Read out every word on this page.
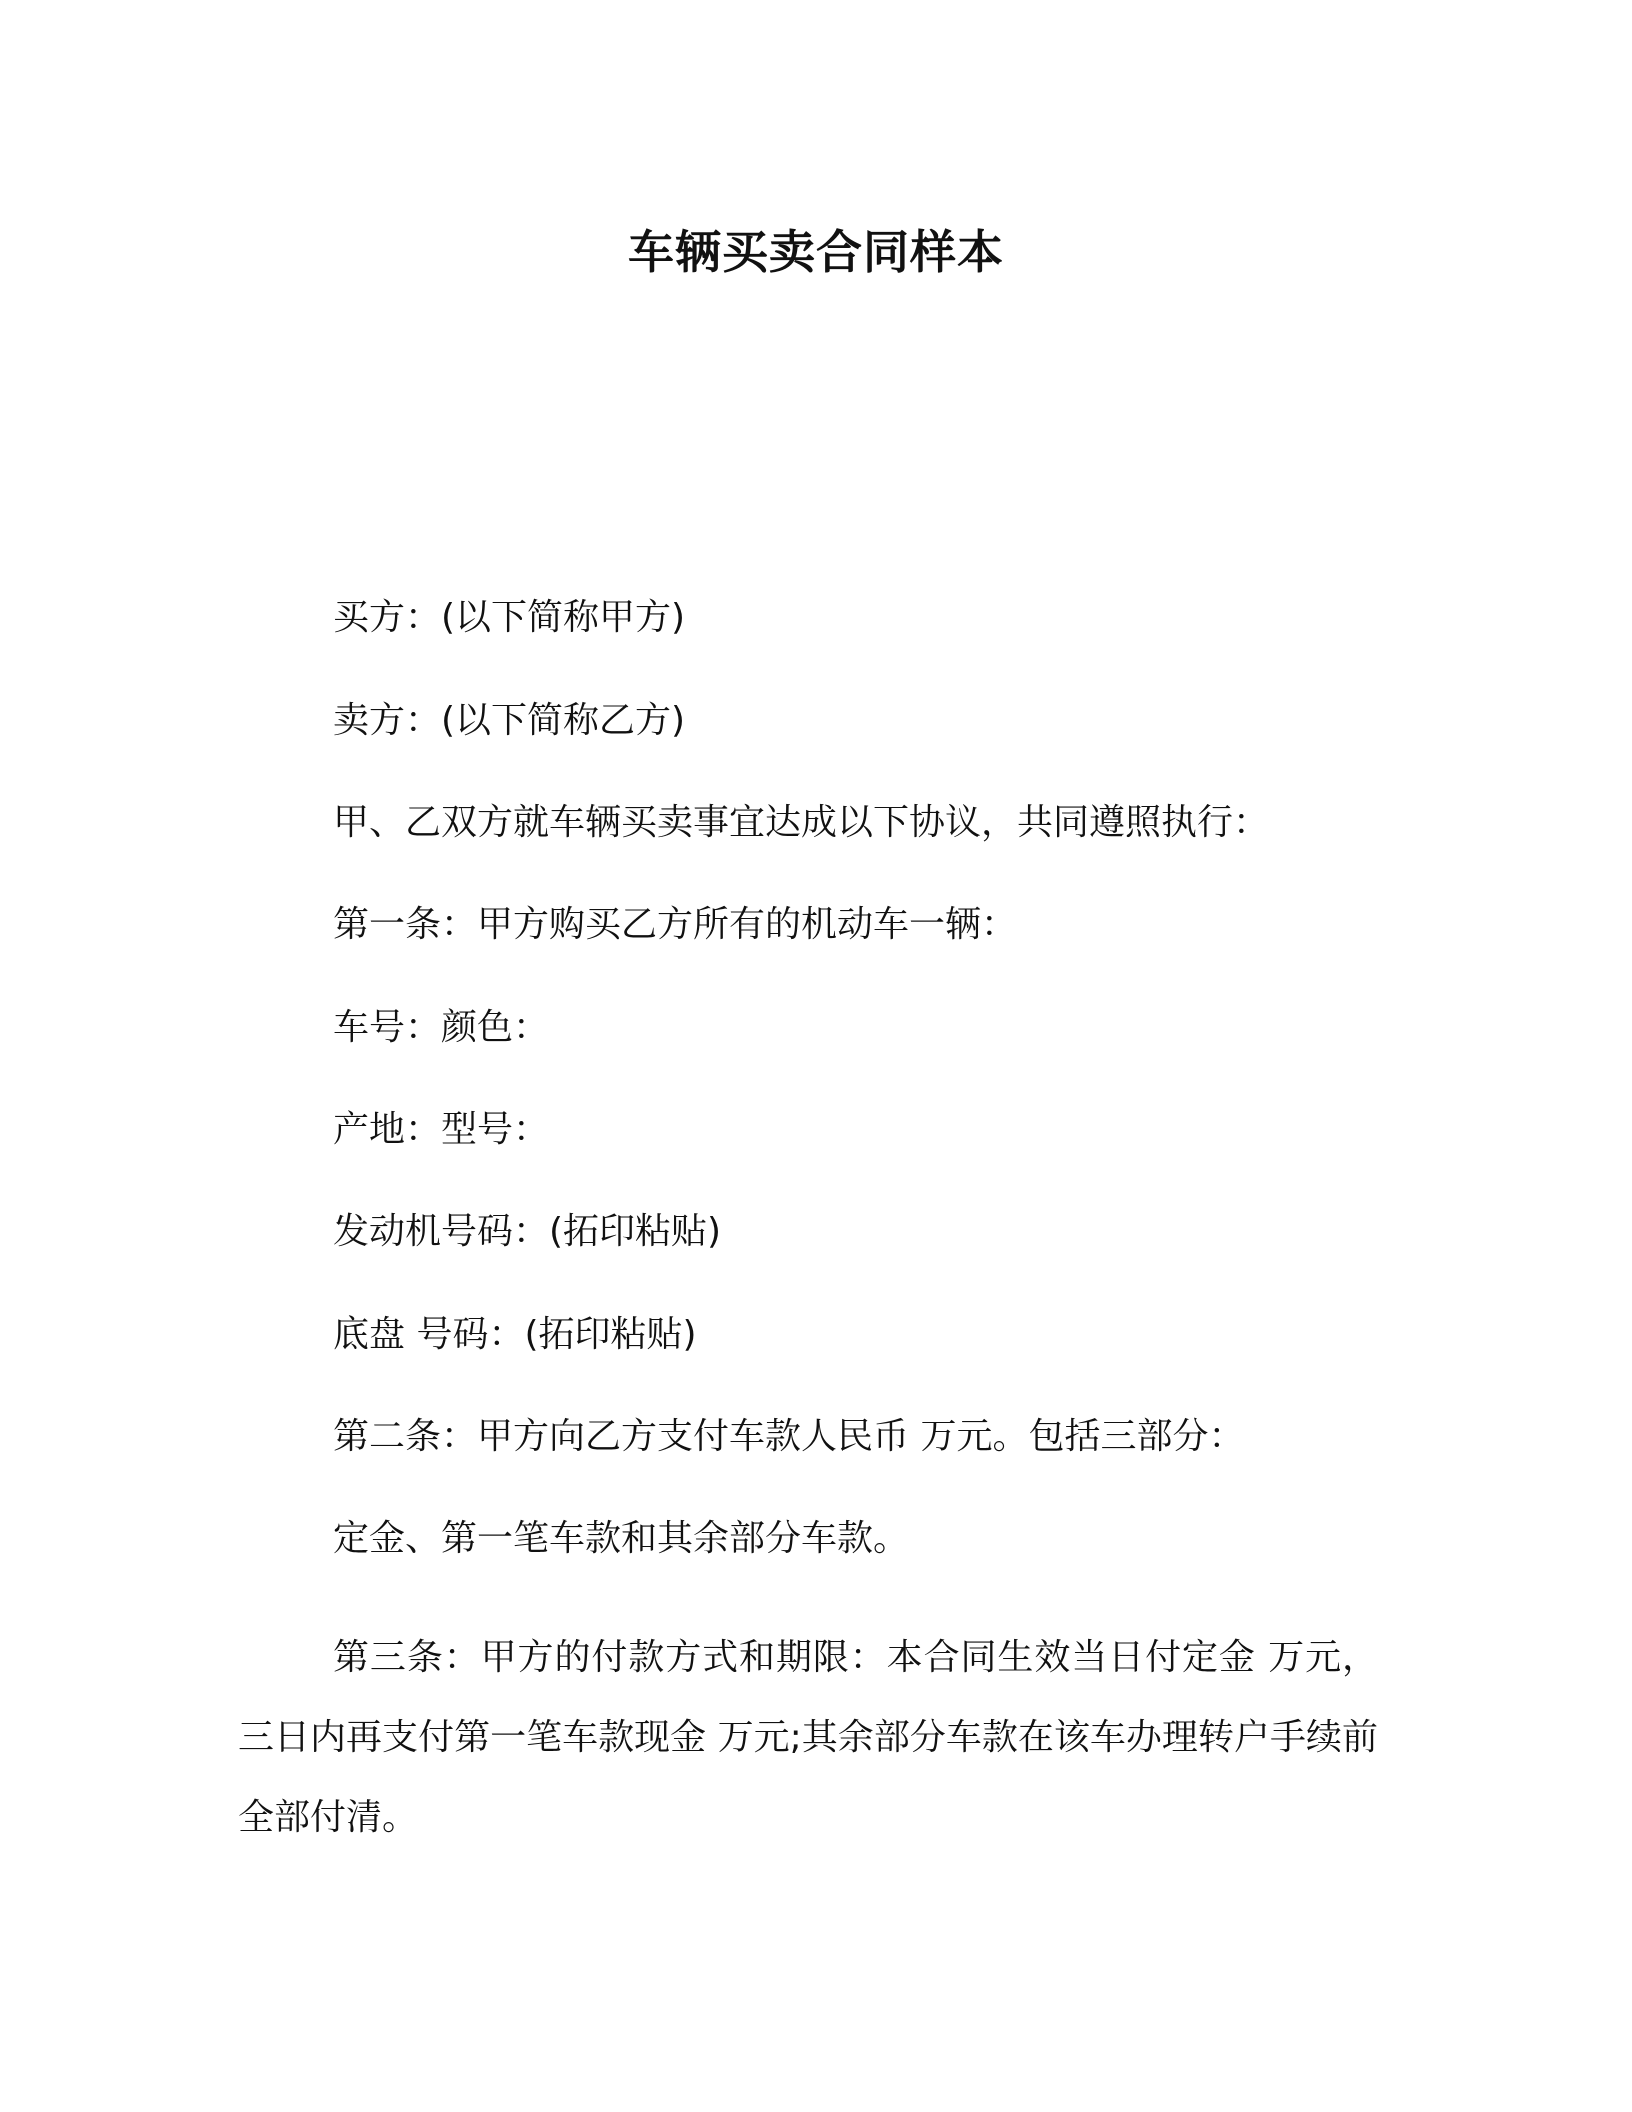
车辆买卖合同样本

买方：(以下简称甲方)

卖方：(以下简称乙方)

甲、乙双方就车辆买卖事宜达成以下协议，共同遵照执行：

第一条：甲方购买乙方所有的机动车一辆：

车号：颜色：

产地：型号：

发动机号码：(拓印粘贴)

底盘 号码：(拓印粘贴)

第二条：甲方向乙方支付车款人民币 万元。包括三部分：

定金、第一笔车款和其余部分车款。

第三条：甲方的付款方式和期限：本合同生效当日付定金 万元，三日内再支付第一笔车款现金 万元;其余部分车款在该车办理转户手续前全部付清。
